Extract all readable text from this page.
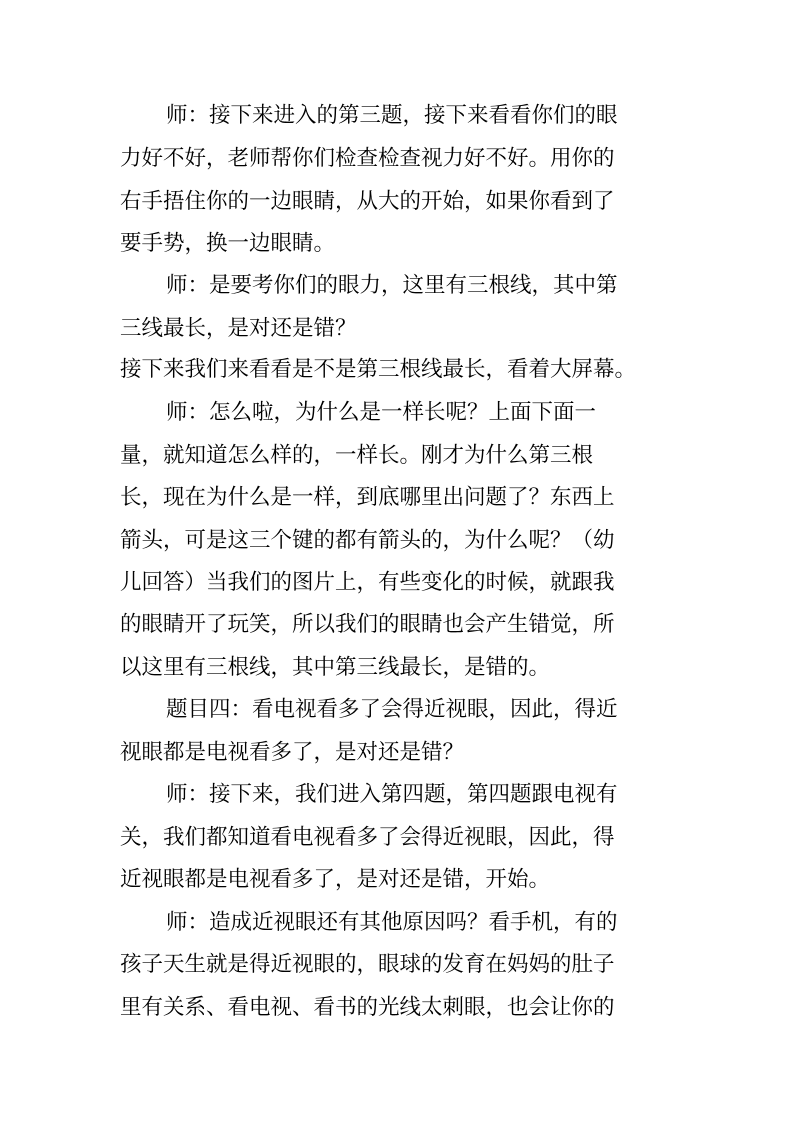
师：接下来进入的第三题，接下来看看你们的眼
力好不好，老师帮你们检查检查视力好不好。用你的
右手捂住你的一边眼睛，从大的开始，如果你看到了
要手势，换一边眼睛。
师：是要考你们的眼力，这里有三根线，其中第
三线最长，是对还是错？
接下来我们来看看是不是第三根线最长，看着大屏幕。
师：怎么啦，为什么是一样长呢？上面下面一
量，就知道怎么样的，一样长。刚才为什么第三根
长，现在为什么是一样，到底哪里出问题了？东西上
箭头，可是这三个键的都有箭头的，为什么呢？（幼
儿回答）当我们的图片上，有些变化的时候，就跟我
的眼睛开了玩笑，所以我们的眼睛也会产生错觉，所
以这里有三根线，其中第三线最长，是错的。
题目四：看电视看多了会得近视眼，因此，得近
视眼都是电视看多了，是对还是错？
师：接下来，我们进入第四题，第四题跟电视有
关，我们都知道看电视看多了会得近视眼，因此，得
近视眼都是电视看多了，是对还是错，开始。
师：造成近视眼还有其他原因吗？看手机，有的
孩子天生就是得近视眼的，眼球的发育在妈妈的肚子
里有关系、看电视、看书的光线太刺眼，也会让你的
